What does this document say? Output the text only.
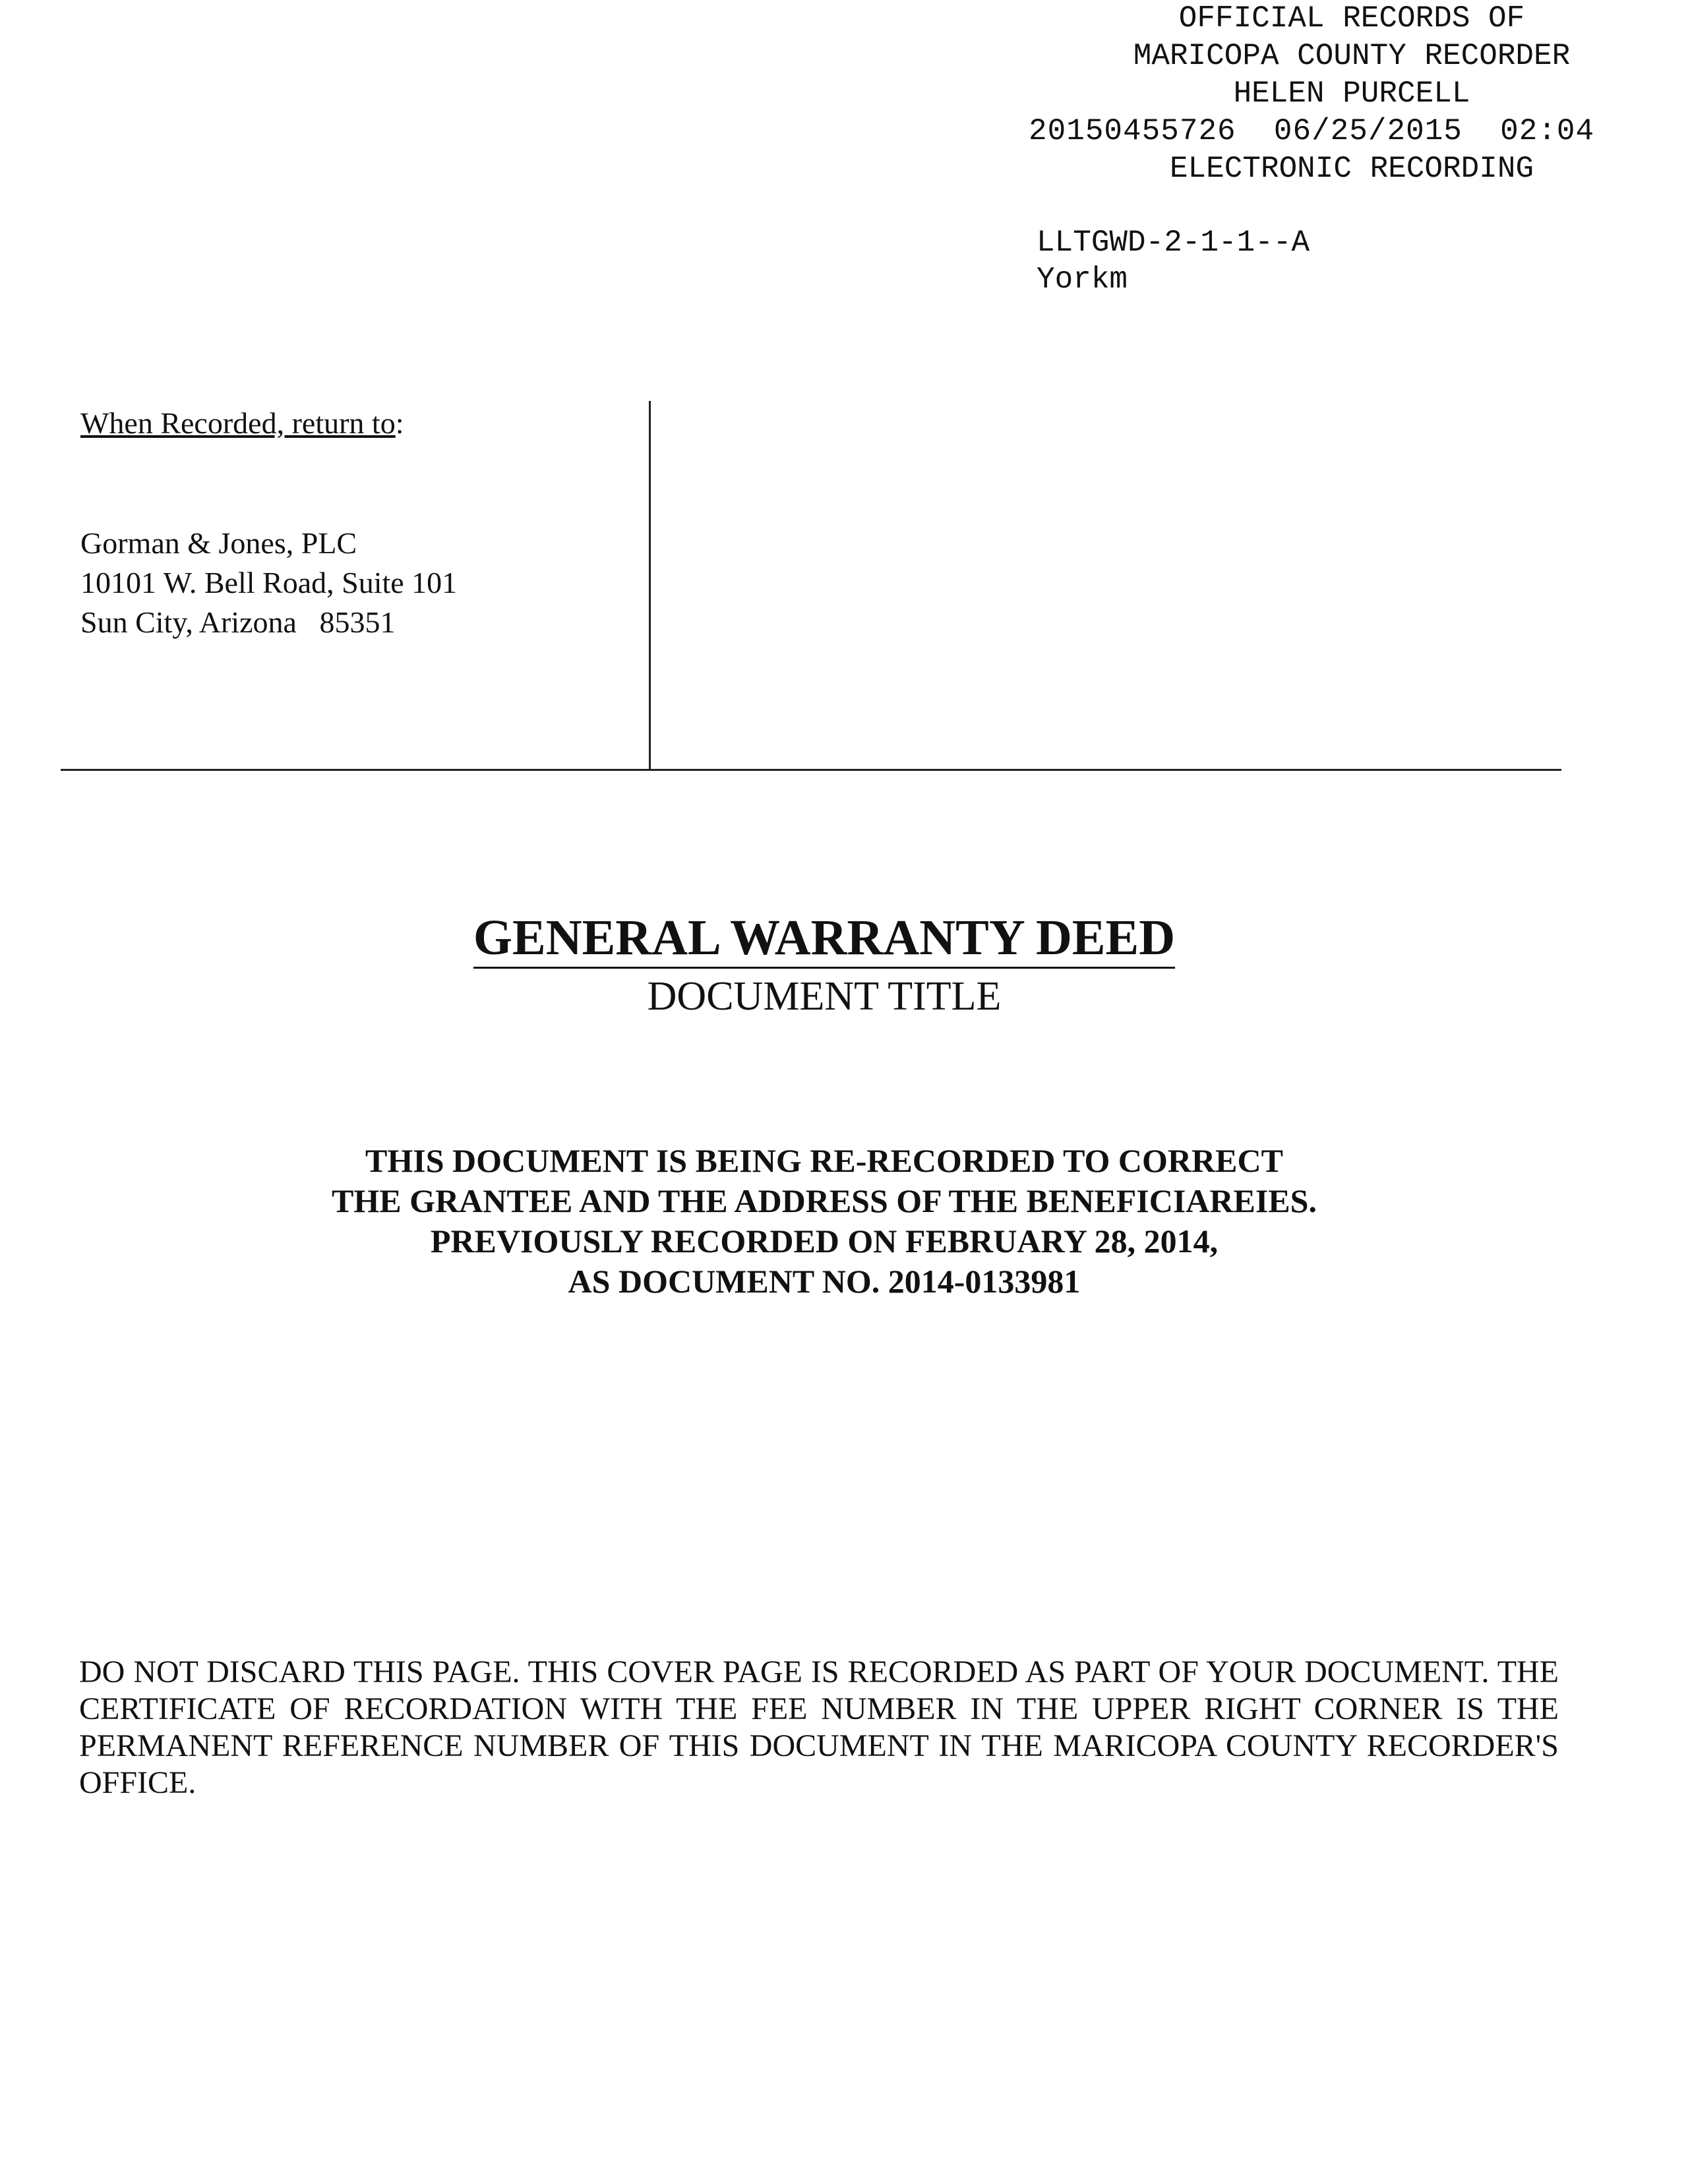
OFFICIAL RECORDS OF
MARICOPA COUNTY RECORDER
HELEN PURCELL
20150455726  06/25/2015  02:04
ELECTRONIC RECORDING
LLTGWD-2-1-1--A
Yorkm
When Recorded, return to:
Gorman & Jones, PLC
10101 W. Bell Road, Suite 101
Sun City, Arizona   85351
GENERAL WARRANTY DEED
DOCUMENT TITLE
THIS DOCUMENT IS BEING RE-RECORDED TO CORRECT
THE GRANTEE AND THE ADDRESS OF THE BENEFICIAREIES.
PREVIOUSLY RECORDED ON FEBRUARY 28, 2014,
AS DOCUMENT NO. 2014-0133981
DO NOT DISCARD THIS PAGE. THIS COVER PAGE IS RECORDED AS PART OF YOUR DOCUMENT. THE CERTIFICATE OF RECORDATION WITH THE FEE NUMBER IN THE UPPER RIGHT CORNER IS THE PERMANENT REFERENCE NUMBER OF THIS DOCUMENT IN THE MARICOPA COUNTY RECORDER'S OFFICE.
